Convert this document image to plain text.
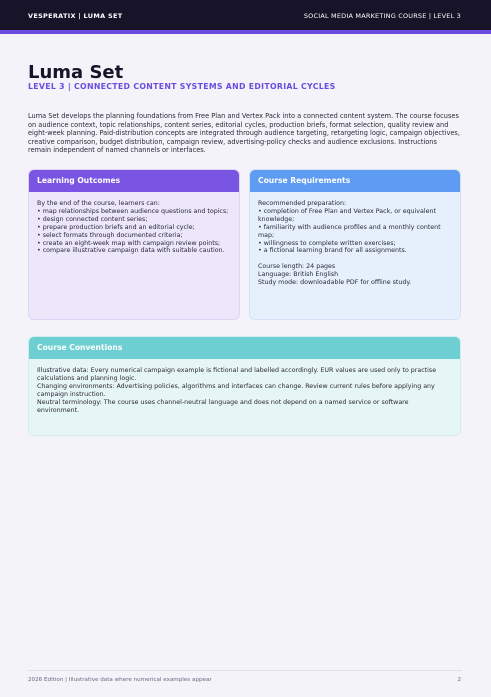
VESPERATIX | LUMA SET	SOCIAL MEDIA MARKETING COURSE | LEVEL 3
Luma Set
LEVEL 3 | CONNECTED CONTENT SYSTEMS AND EDITORIAL CYCLES

Luma Set develops the planning foundations from Free Plan and Vertex Pack into a connected content system. The course focuses on audience context, topic relationships, content series, editorial cycles, production briefs, format selection, quality review and eight-week planning. Paid-distribution concepts are integrated through audience targeting, retargeting logic, campaign objectives, creative comparison, budget distribution, campaign review, advertising-policy checks and audience exclusions. Instructions remain independent of named channels or interfaces.

Learning Outcomes

By the end of the course, learners can:

• map relationships between audience questions and topics;

• design connected content series;

• prepare production briefs and an editorial cycle;

• select formats through documented criteria;

• create an eight-week map with campaign review points;

• compare illustrative campaign data with suitable caution.

Course Requirements

Recommended preparation:

• completion of Free Plan and Vertex Pack, or equivalent knowledge;

• familiarity with audience profiles and a monthly content map;

• willingness to complete written exercises;

• a fictional learning brand for all assignments.

Course length: 24 pages

Language: British English

Study mode: downloadable PDF for offline study.

Course Conventions

Illustrative data: Every numerical campaign example is fictional and labelled accordingly. EUR values are used only to practise calculations and planning logic.

Changing environments: Advertising policies, algorithms and interfaces can change. Review current rules before applying any campaign instruction.

Neutral terminology: The course uses channel-neutral language and does not depend on a named service or software environment.

2026 Edition | Illustrative data where numerical examples appear	2
